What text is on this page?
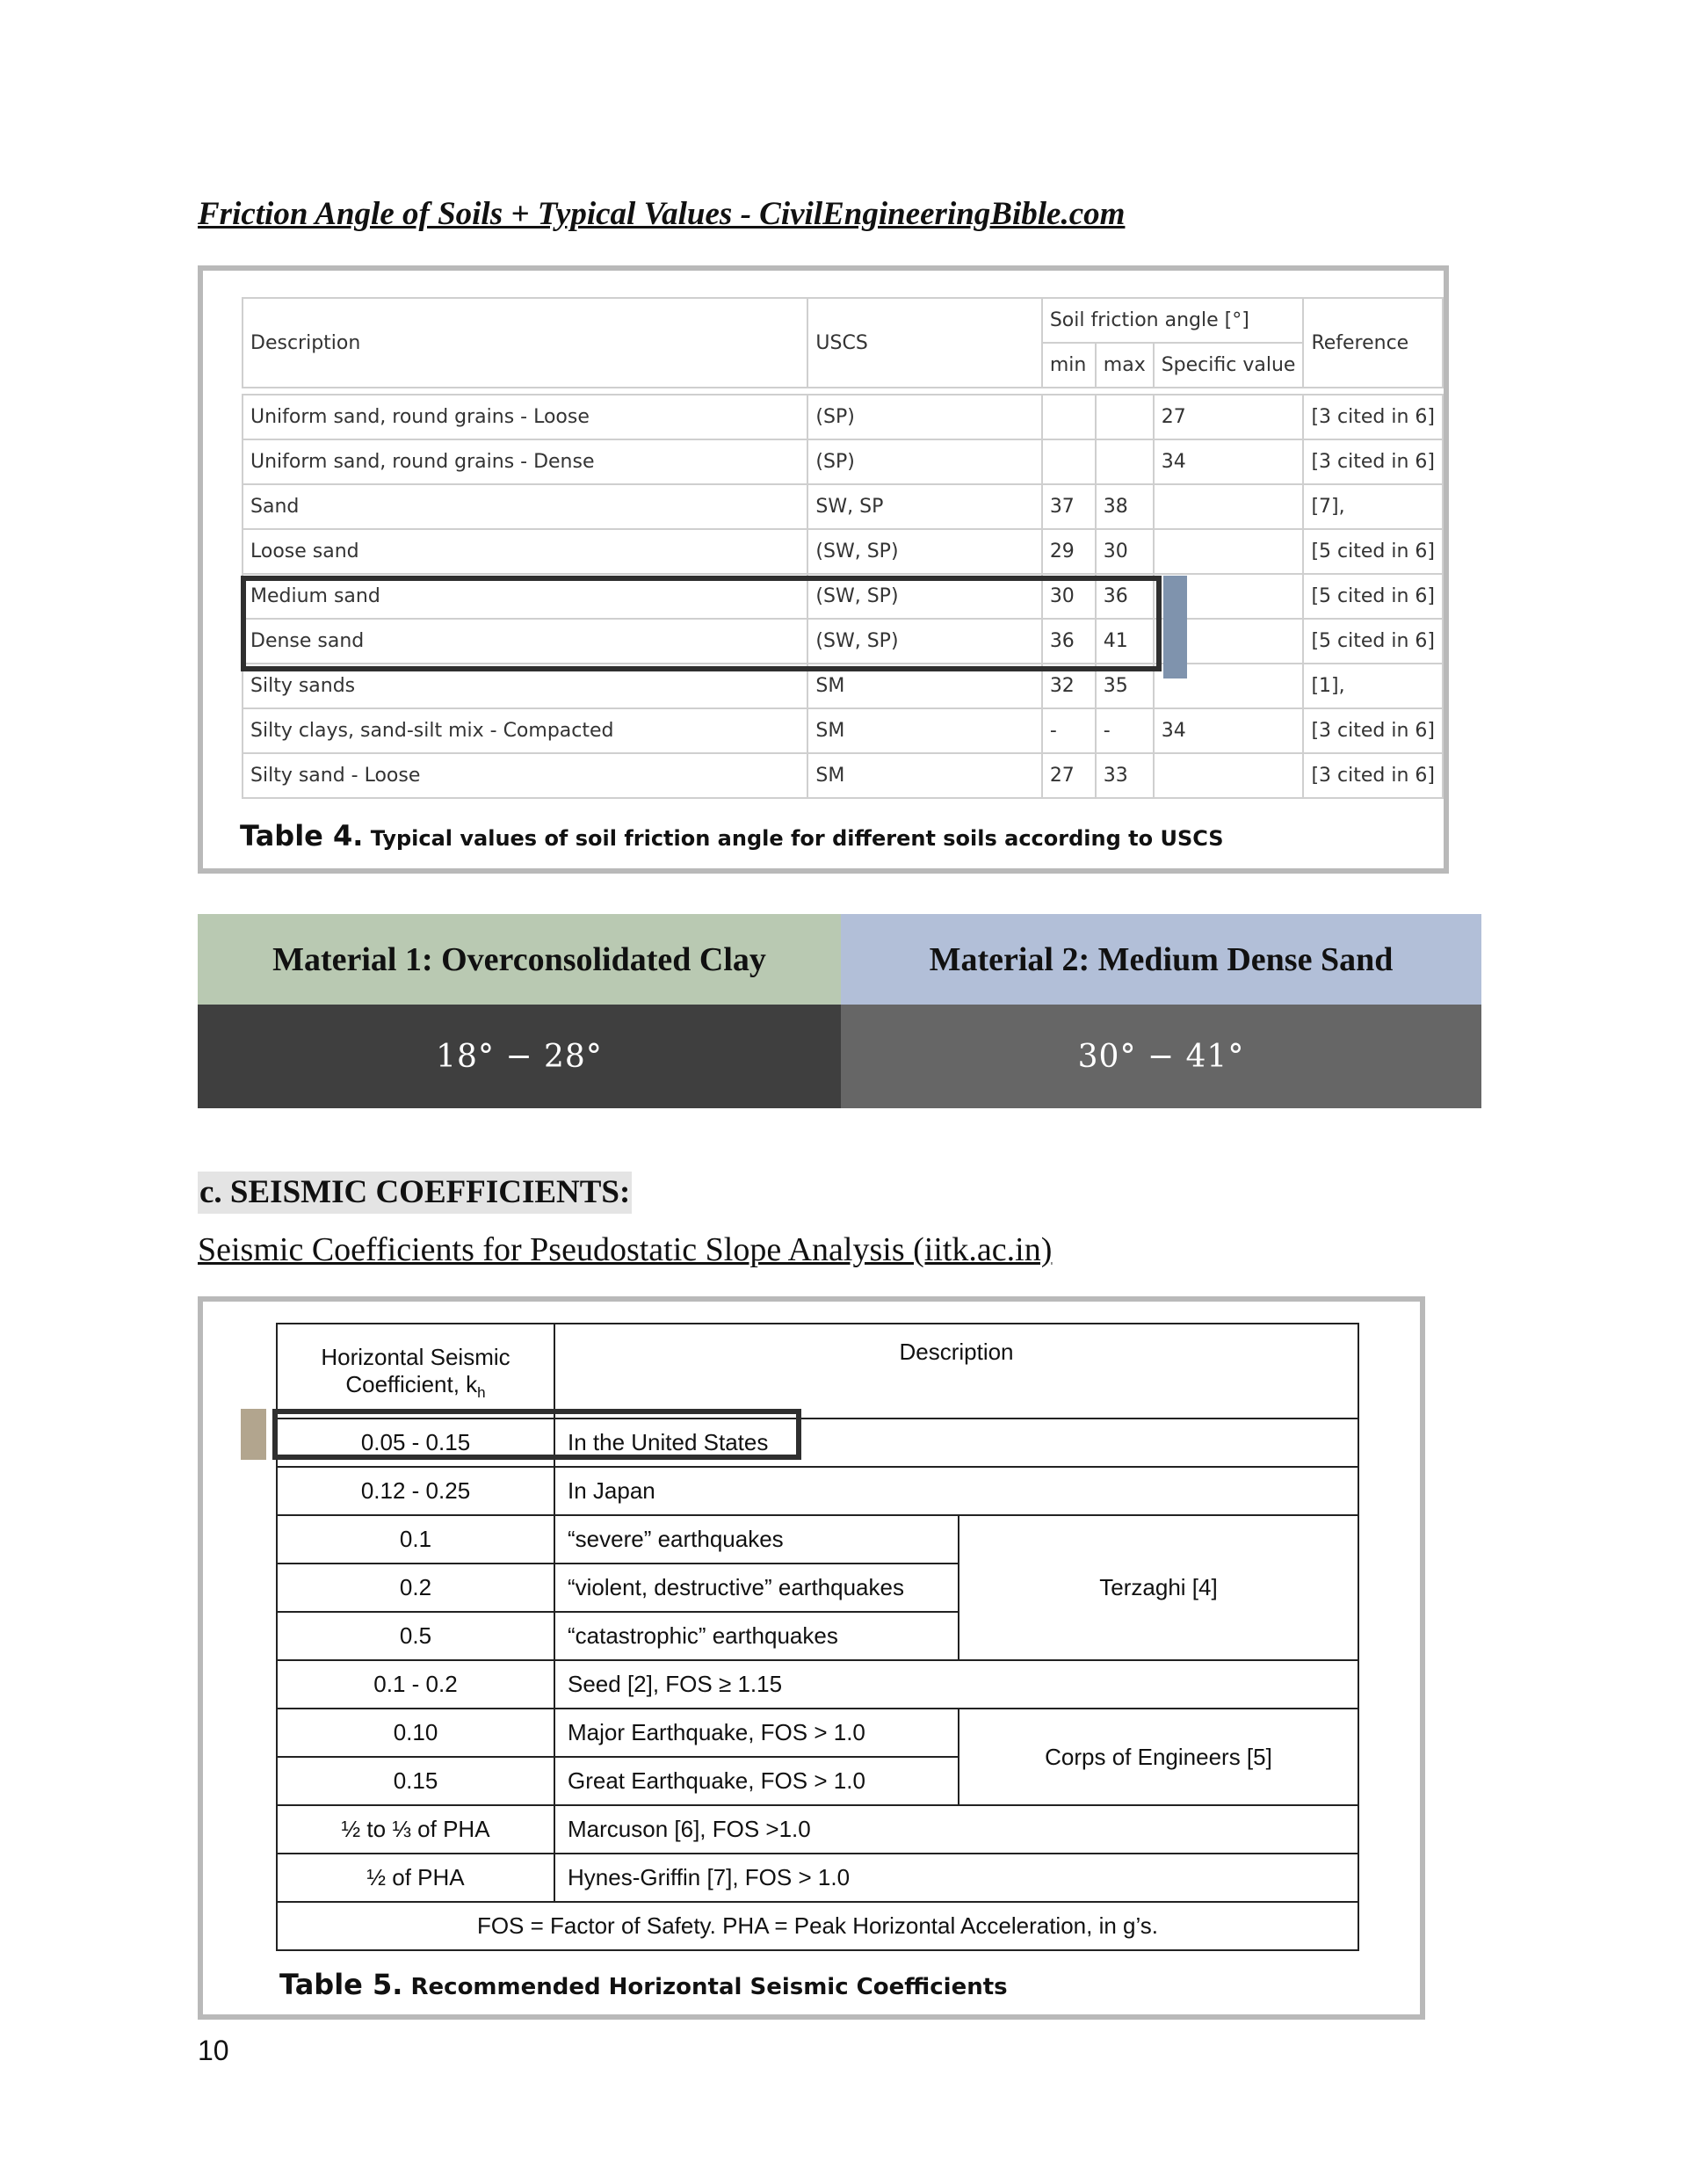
Friction Angle of Soils + Typical Values - CivilEngineeringBible.com
Description	USCS	Soil friction angle [°]			Reference
		min	max	Specific value	

Uniform sand, round grains - Loose	(SP)			27	[3 cited in 6]
Uniform sand, round grains - Dense	(SP)			34	[3 cited in 6]
Sand	SW, SP	37	38		[7],
Loose sand	(SW, SP)	29	30		[5 cited in 6]
Medium sand	(SW, SP)	30	36		[5 cited in 6]
Dense sand	(SW, SP)	36	41		[5 cited in 6]
Silty sands	SM	32	35		[1],
Silty clays, sand-silt mix - Compacted	SM	-	-	34	[3 cited in 6]
Silty sand - Loose	SM	27	33		[3 cited in 6]
Table 4. Typical values of soil friction angle for different soils according to USCS
Material 1: Overconsolidated Clay
18° − 28°
Material 2: Medium Dense Sand
30° − 41°
c. SEISMIC COEFFICIENTS:
Seismic Coefficients for Pseudostatic Slope Analysis (iitk.ac.in)
Horizontal Seismic
Coefficient, $k_h$	Description	
0.05 - 0.15	In the United States	
0.12 - 0.25	In Japan	
0.1	“severe” earthquakes	Terzaghi [4]
0.2	“violent, destructive” earthquakes	
0.5	“catastrophic” earthquakes	
0.1 - 0.2	Seed [2], FOS ≥ 1.15	
0.10	Major Earthquake, FOS > 1.0	Corps of Engineers [5]
0.15	Great Earthquake, FOS > 1.0	
½ to ⅓ of PHA	Marcuson [6], FOS >1.0	
½ of PHA	Hynes-Griffin [7], FOS > 1.0	
FOS = Factor of Safety. PHA = Peak Horizontal Acceleration, in g’s.		
Table 5. Recommended Horizontal Seismic Coefficients
10
